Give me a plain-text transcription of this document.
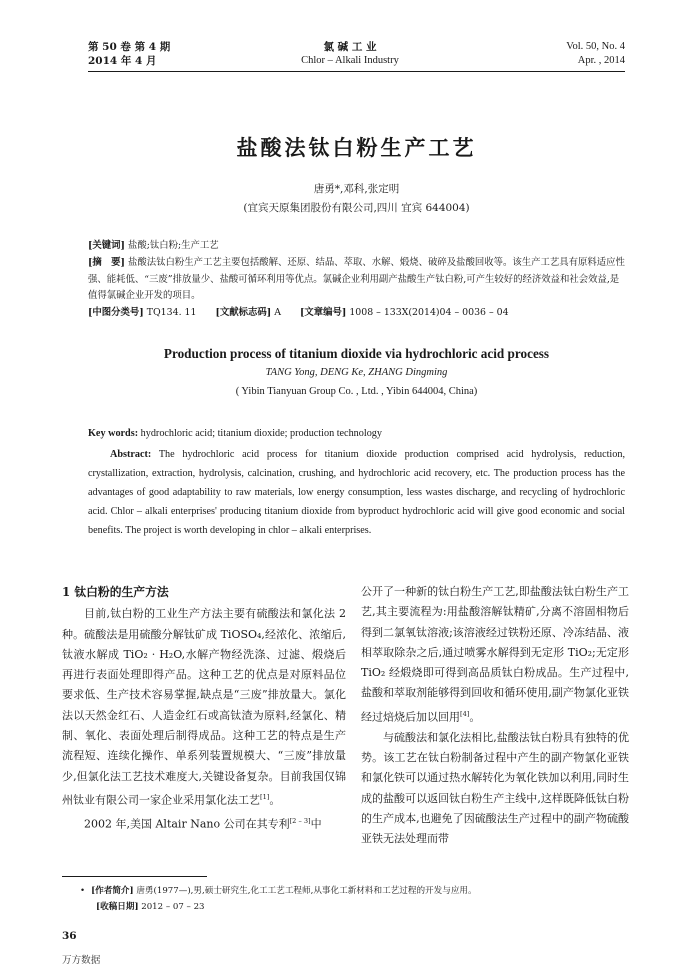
第 50 卷 第 4 期
2014 年 4 月
氯 碱 工 业
Chlor – Alkali Industry
Vol. 50, No. 4
Apr. , 2014
盐酸法钛白粉生产工艺
唐勇*,邓科,张定明
(宜宾天原集团股份有限公司,四川 宜宾 644004)
[关键词] 盐酸;钛白粉;生产工艺
[摘　要] 盐酸法钛白粉生产工艺主要包括酸解、还原、结晶、萃取、水解、煅烧、破碎及盐酸回收等。该生产工艺具有原料适应性强、能耗低、“三废”排放量少、盐酸可循环利用等优点。氯碱企业利用副产盐酸生产钛白粉,可产生较好的经济效益和社会效益,是值得氯碱企业开发的项目。
[中图分类号] TQ134. 11 [文献标志码] A [文章编号] 1008 – 133X(2014)04 – 0036 – 04
Production process of titanium dioxide via hydrochloric acid process
TANG Yong, DENG Ke, ZHANG Dingming
( Yibin Tianyuan Group Co. , Ltd. , Yibin 644004, China)
Key words: hydrochloric acid; titanium dioxide; production technology
Abstract: The hydrochloric acid process for titanium dioxide production comprised acid hydrolysis, reduction, crystallization, extraction, hydrolysis, calcination, crushing, and hydrochloric acid recovery, etc. The production process has the advantages of good adaptability to raw materials, low energy consumption, less wastes discharge, and recycling of hydrochloric acid. Chlor – alkali enterprises' producing titanium dioxide from byproduct hydrochloric acid will give good economic and social benefits. The project is worth developing in chlor – alkali enterprises.

1 钛白粉的生产方法

目前,钛白粉的工业生产方法主要有硫酸法和氯化法 2 种。硫酸法是用硫酸分解钛矿成 TiOSO₄,经浓化、浓缩后,钛液水解成 TiO₂ · H₂O,水解产物经洗涤、过滤、煅烧后再进行表面处理即得产品。这种工艺的优点是对原料品位要求低、生产技术容易掌握,缺点是“三废”排放量大。氯化法以天然金红石、人造金红石或高钛渣为原料,经氯化、精制、氧化、表面处理后制得成品。这种工艺的特点是生产流程短、连续化操作、单系列装置规模大、“三废”排放量少,但氯化法工艺技术难度大,关键设备复杂。目前我国仅锦州钛业有限公司一家企业采用氯化法工艺[1]。

2002 年,美国 Altair Nano 公司在其专利[2 – 3]中

公开了一种新的钛白粉生产工艺,即盐酸法钛白粉生产工艺,其主要流程为:用盐酸溶解钛精矿,分离不溶固相物后得到二氯氧钛溶液;该溶液经过铁粉还原、冷冻结晶、液相萃取除杂之后,通过喷雾水解得到无定形 TiO₂;无定形 TiO₂ 经煅烧即可得到高品质钛白粉成品。生产过程中,盐酸和萃取剂能够得到回收和循环使用,副产物氯化亚铁经过焙烧后加以回用[4]。

与硫酸法和氯化法相比,盐酸法钛白粉具有独特的优势。该工艺在钛白粉制备过程中产生的副产物氯化亚铁和氯化铁可以通过热水解转化为氧化铁加以利用,同时生成的盐酸可以返回钛白粉生产主线中,这样既降低钛白粉的生产成本,也避免了因硫酸法生产过程中的副产物硫酸亚铁无法处理而带

• [作者简介] 唐勇(1977—),男,硕士研究生,化工工艺工程师,从事化工新材料和工艺过程的开发与应用。
[收稿日期] 2012 – 07 – 23
36
万方数据
